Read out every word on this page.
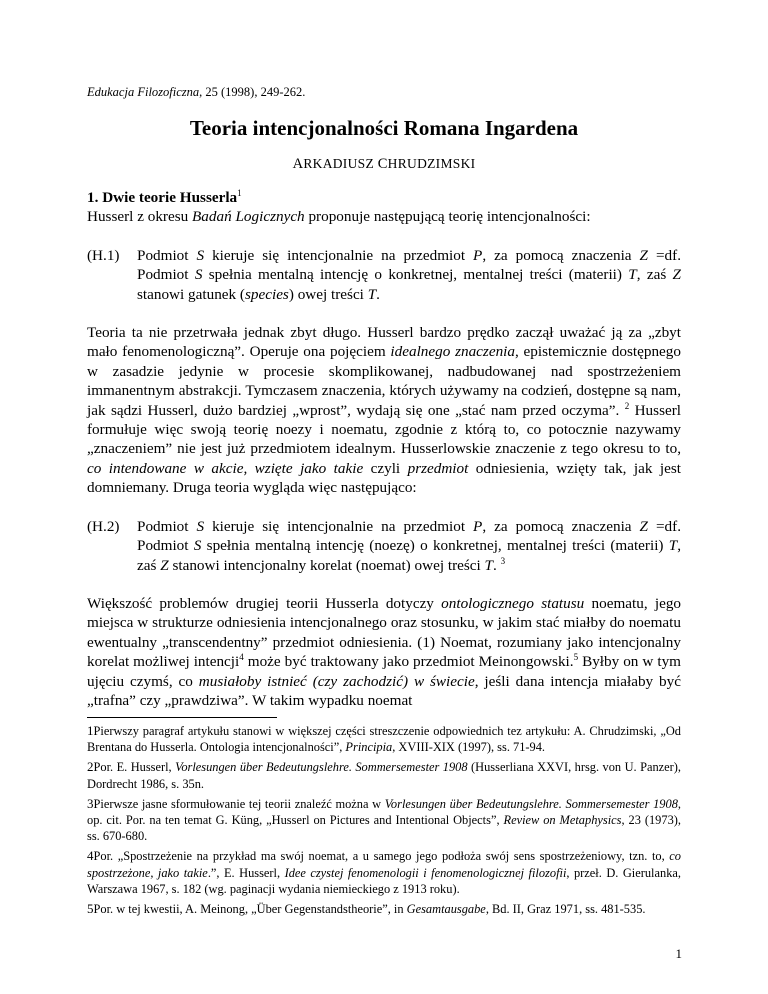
Edukacja Filozoficzna, 25 (1998), 249-262.
Teoria intencjonalności Romana Ingardena
ARKADIUSZ CHRUDZIMSKI

1. Dwie teorie Husserla$^1$

Husserl z okresu Badań Logicznych proponuje następującą teorię intencjonalności:

(H.1)	Podmiot S kieruje się intencjonalnie na przedmiot P, za pomocą znaczenia Z =df. Podmiot S spełnia mentalną intencję o konkretnej, mentalnej treści (materii) T, zaś Z stanowi gatunek (species) owej treści T.

Teoria ta nie przetrwała jednak zbyt długo. Husserl bardzo prędko zaczął uważać ją za „zbyt mało fenomenologiczną”. Operuje ona pojęciem idealnego znaczenia, epistemicznie dostępnego w zasadzie jedynie w procesie skomplikowanej, nadbudowanej nad spostrzeżeniem immanentnym abstrakcji. Tymczasem znaczenia, których używamy na codzień, dostępne są nam, jak sądzi Husserl, dużo bardziej „wprost”, wydają się one „stać nam przed oczyma”. $^2$ Husserl formułuje więc swoją teorię noezy i noematu, zgodnie z którą to, co potocznie nazywamy „znaczeniem” nie jest już przedmiotem idealnym. Husserlowskie znaczenie z tego okresu to to, co intendowane w akcie, wzięte jako takie czyli przedmiot odniesienia, wzięty tak, jak jest domniemany. Druga teoria wygląda więc następująco:

(H.2)	Podmiot S kieruje się intencjonalnie na przedmiot P, za pomocą znaczenia Z =df. Podmiot S spełnia mentalną intencję (noezę) o konkretnej, mentalnej treści (materii) T, zaś Z stanowi intencjonalny korelat (noemat) owej treści T. $^3$

Większość problemów drugiej teorii Husserla dotyczy ontologicznego statusu noematu, jego miejsca w strukturze odniesienia intencjonalnego oraz stosunku, w jakim stać miałby do noematu ewentualny „transcendentny” przedmiot odniesienia. (1) Noemat, rozumiany jako intencjonalny korelat możliwej intencji$^4$ może być traktowany jako przedmiot Meinongowski.$^5$ Byłby on w tym ujęciu czymś, co musiałoby istnieć (czy zachodzić) w świecie, jeśli dana intencja miałaby być „trafna” czy „prawdziwa”. W takim wypadku noemat

1Pierwszy paragraf artykułu stanowi w większej części streszczenie odpowiednich tez artykułu: A. Chrudzimski, „Od Brentana do Husserla. Ontologia intencjonalności”, Principia, XVIII-XIX (1997), ss. 71-94.

2Por. E. Husserl, Vorlesungen über Bedeutungslehre. Sommersemester 1908 (Husserliana XXVI, hrsg. von U. Panzer), Dordrecht 1986, s. 35n.

3Pierwsze jasne sformułowanie tej teorii znaleźć można w Vorlesungen über Bedeutungslehre. Sommersemester 1908, op. cit. Por. na ten temat G. Küng, „Husserl on Pictures and Intentional Objects”, Review on Metaphysics, 23 (1973), ss. 670-680.

4Por. „Spostrzeżenie na przykład ma swój noemat, a u samego jego podłoża swój sens spostrzeżeniowy, tzn. to, co spostrzeżone, jako takie.”, E. Husserl, Idee czystej fenomenologii i fenomenologicznej filozofii, przeł. D. Gierulanka, Warszawa 1967, s. 182 (wg. paginacji wydania niemieckiego z 1913 roku).

5Por. w tej kwestii, A. Meinong, „Über Gegenstandstheorie”, in Gesamtausgabe, Bd. II, Graz 1971, ss. 481-535.

1
